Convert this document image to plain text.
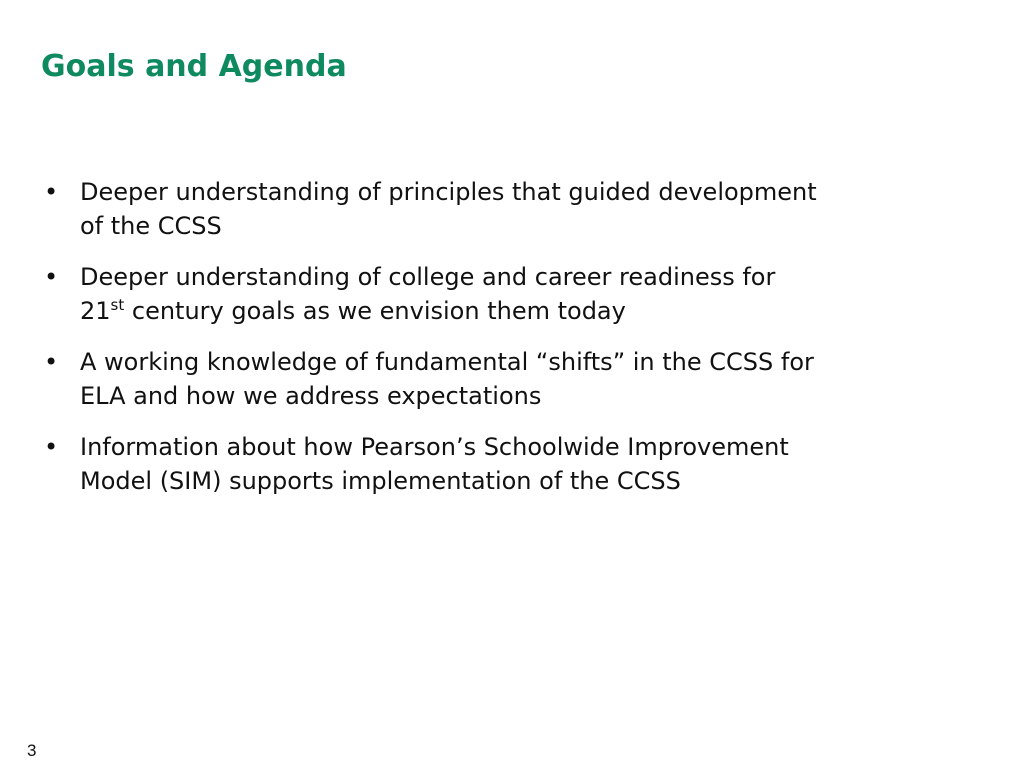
Goals and Agenda
• Deeper understanding of principles that guided development
of the CCSS
• Deeper understanding of college and career readiness for
21st century goals as we envision them today
• A working knowledge of fundamental “shifts” in the CCSS for
ELA and how we address expectations
• Information about how Pearson’s Schoolwide Improvement
Model (SIM) supports implementation of the CCSS
3
